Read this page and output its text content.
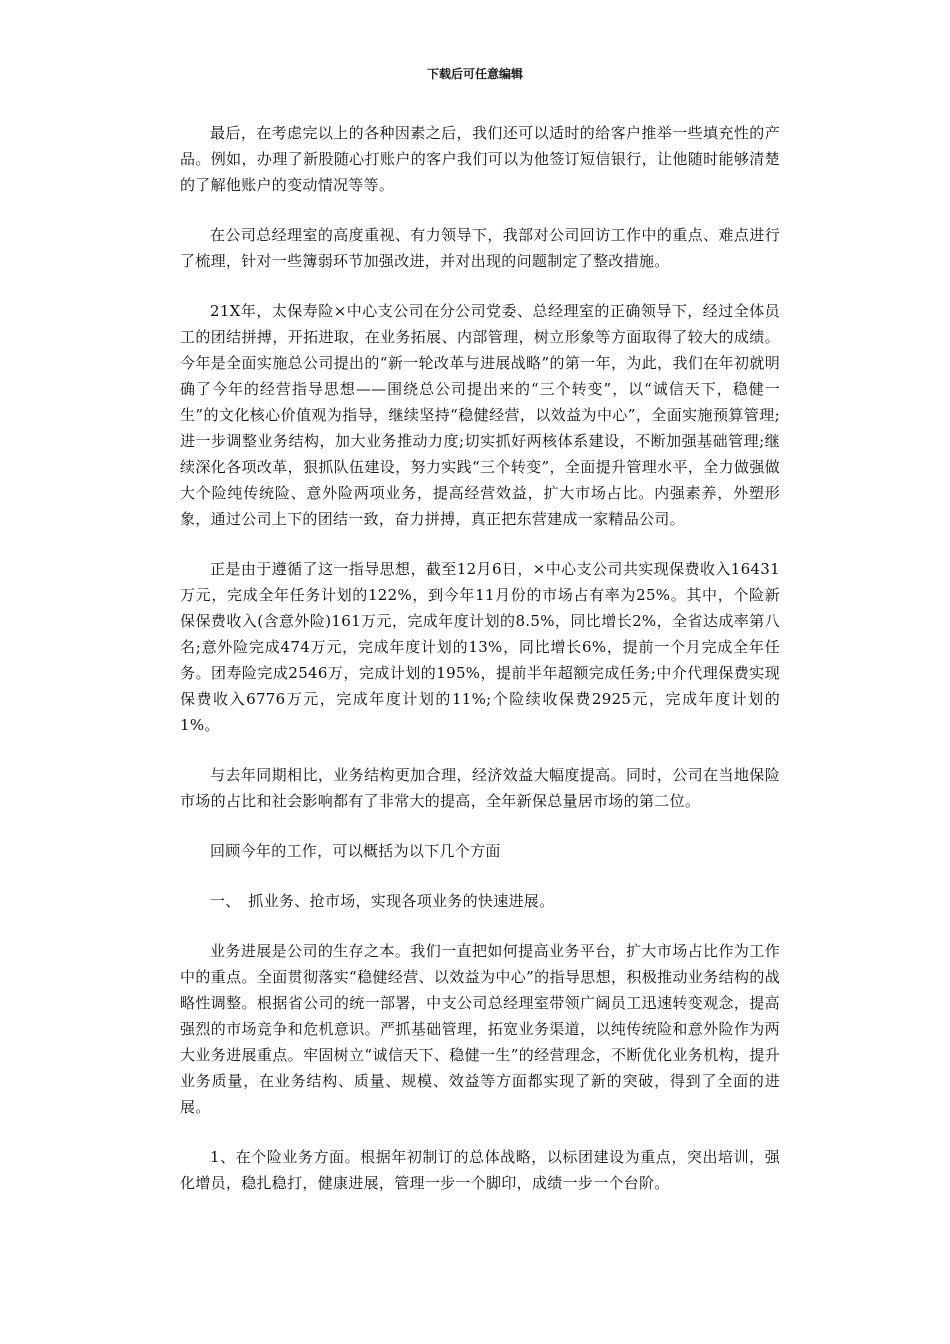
下载后可任意编辑

最后，在考虑完以上的各种因素之后，我们还可以适时的给客户推举一些填充性的产品。例如，办理了新股随心打账户的客户我们可以为他签订短信银行，让他随时能够清楚的了解他账户的变动情况等等。

在公司总经理室的高度重视、有力领导下，我部对公司回访工作中的重点、难点进行了梳理，针对一些簿弱环节加强改进，并对出现的问题制定了整改措施。

21X年，太保寿险×中心支公司在分公司党委、总经理室的正确领导下，经过全体员工的团结拼搏，开拓进取，在业务拓展、内部管理，树立形象等方面取得了较大的成绩。今年是全面实施总公司提出的“新一轮改革与进展战略”的第一年，为此，我们在年初就明确了今年的经营指导思想——围绕总公司提出来的“三个转变”，以“诚信天下，稳健一生”的文化核心价值观为指导，继续坚持“稳健经营，以效益为中心”，全面实施预算管理;进一步调整业务结构，加大业务推动力度;切实抓好两核体系建设，不断加强基础管理;继续深化各项改革，狠抓队伍建设，努力实践“三个转变”，全面提升管理水平，全力做强做大个险纯传统险、意外险两项业务，提高经营效益，扩大市场占比。内强素养，外塑形象，通过公司上下的团结一致，奋力拼搏，真正把东营建成一家精品公司。

正是由于遵循了这一指导思想，截至12月6日，×中心支公司共实现保费收入16431万元，完成全年任务计划的122%，到今年11月份的市场占有率为25%。其中，个险新保保费收入(含意外险)161万元，完成年度计划的8.5%，同比增长2%，全省达成率第八名;意外险完成474万元，完成年度计划的13%，同比增长6%，提前一个月完成全年任务。团寿险完成2546万，完成计划的195%，提前半年超额完成任务;中介代理保费实现保费收入6776万元，完成年度计划的11%;个险续收保费2925元，完成年度计划的1%。

与去年同期相比，业务结构更加合理，经济效益大幅度提高。同时，公司在当地保险市场的占比和社会影响都有了非常大的提高，全年新保总量居市场的第二位。

回顾今年的工作，可以概括为以下几个方面

一、　抓业务、抢市场，实现各项业务的快速进展。

业务进展是公司的生存之本。我们一直把如何提高业务平台，扩大市场占比作为工作中的重点。全面贯彻落实“稳健经营、以效益为中心”的指导思想，积极推动业务结构的战略性调整。根据省公司的统一部署，中支公司总经理室带领广阔员工迅速转变观念，提高强烈的市场竞争和危机意识。严抓基础管理，拓宽业务渠道，以纯传统险和意外险作为两大业务进展重点。牢固树立“诚信天下、稳健一生”的经营理念，不断优化业务机构，提升业务质量，在业务结构、质量、规模、效益等方面都实现了新的突破，得到了全面的进展。

1、在个险业务方面。根据年初制订的总体战略，以标团建设为重点，突出培训，强化增员，稳扎稳打，健康进展，管理一步一个脚印，成绩一步一个台阶。
